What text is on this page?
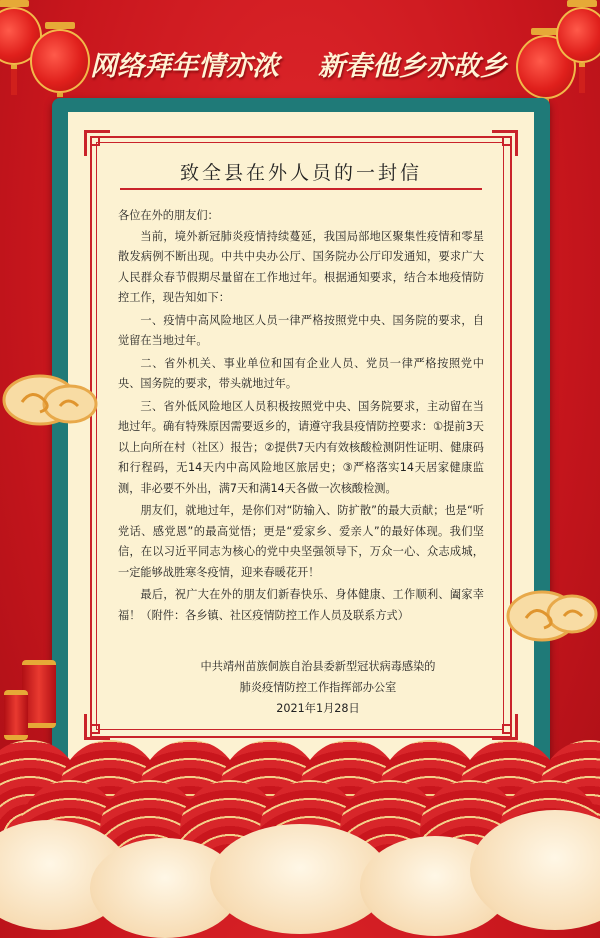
网络拜年情亦浓 新春他乡亦故乡
致全县在外人员的一封信

各位在外的朋友们：

当前，境外新冠肺炎疫情持续蔓延，我国局部地区聚集性疫情和零星散发病例不断出现。中共中央办公厅、国务院办公厅印发通知，要求广大人民群众春节假期尽量留在工作地过年。根据通知要求，结合本地疫情防控工作，现告知如下：

一、疫情中高风险地区人员一律严格按照党中央、国务院的要求，自觉留在当地过年。

二、省外机关、事业单位和国有企业人员、党员一律严格按照党中央、国务院的要求，带头就地过年。

三、省外低风险地区人员积极按照党中央、国务院要求，主动留在当地过年。确有特殊原因需要返乡的，请遵守我县疫情防控要求：①提前3天以上向所在村（社区）报告；②提供7天内有效核酸检测阴性证明、健康码和行程码，无14天内中高风险地区旅居史；③严格落实14天居家健康监测，非必要不外出，满7天和满14天各做一次核酸检测。

朋友们，就地过年，是你们对“防输入、防扩散”的最大贡献；也是“听党话、感党恩”的最高觉悟；更是“爱家乡、爱亲人”的最好体现。我们坚信，在以习近平同志为核心的党中央坚强领导下，万众一心、众志成城，一定能够战胜寒冬疫情，迎来春暖花开！

最后，祝广大在外的朋友们新春快乐、身体健康、工作顺利、阖家幸福！（附件：各乡镇、社区疫情防控工作人员及联系方式）

中共靖州苗族侗族自治县委新型冠状病毒感染的
肺炎疫情防控工作指挥部办公室
2021年1月28日
